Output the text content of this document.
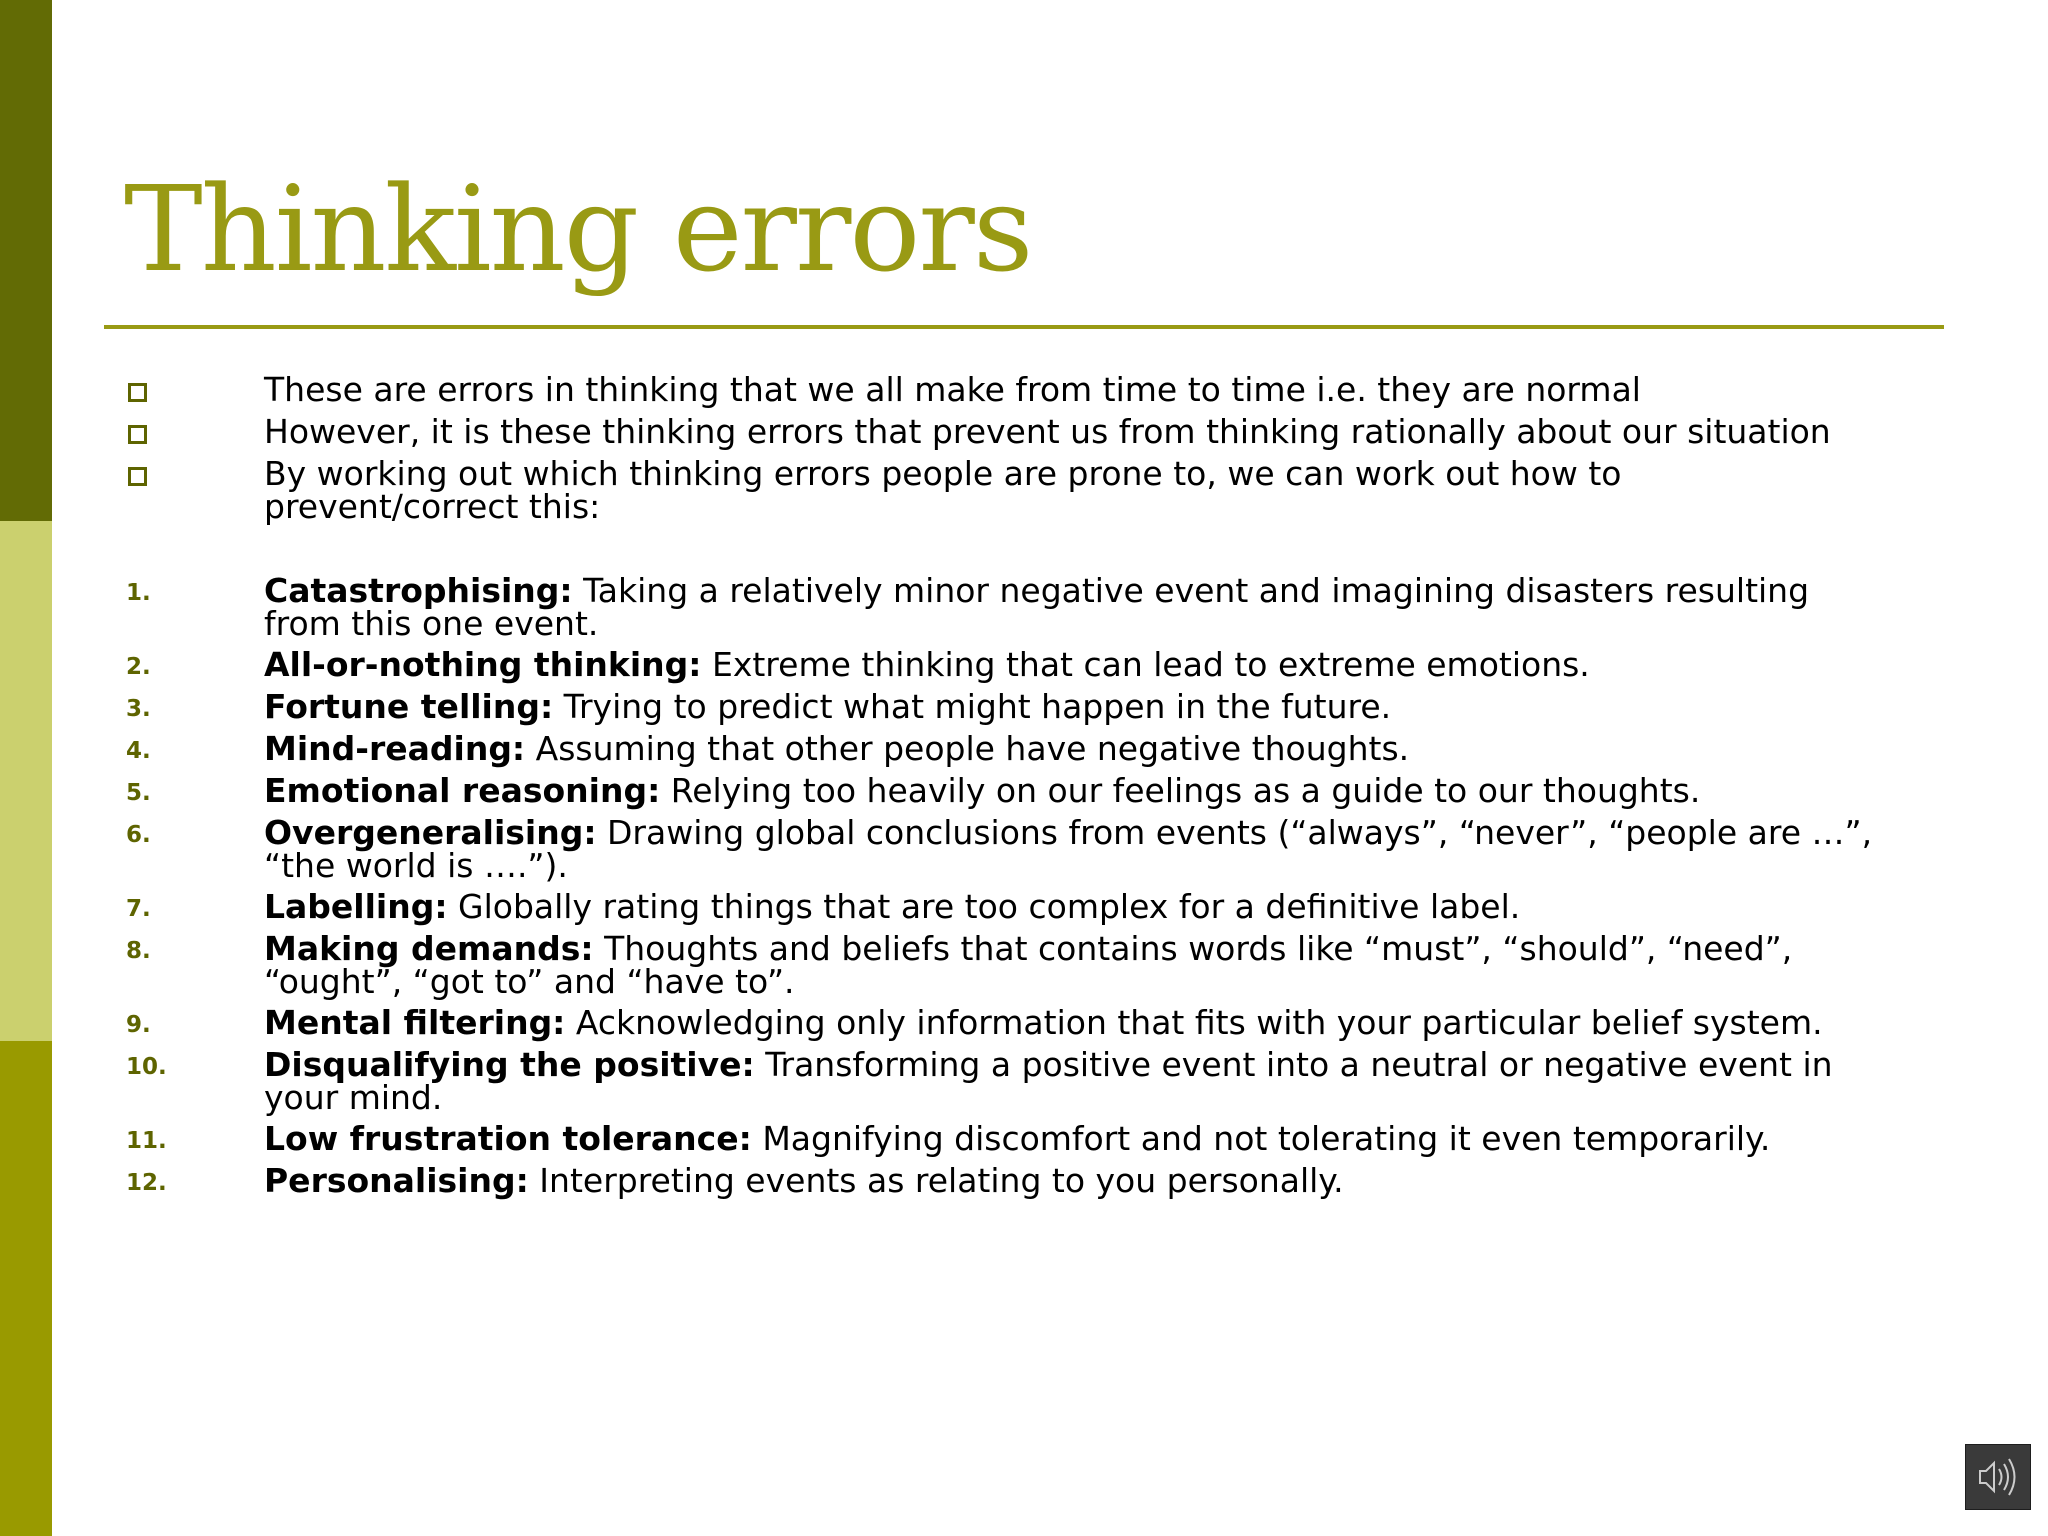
Thinking errors
These are errors in thinking that we all make from time to time i.e. they are normal
However, it is these thinking errors that prevent us from thinking rationally about our situation
By working out which thinking errors people are prone to, we can work out how to
prevent/correct this:
1.	Catastrophising: Taking a relatively minor negative event and imagining disasters resulting
from this one event.
2.	All-or-nothing thinking: Extreme thinking that can lead to extreme emotions.
3.	Fortune telling: Trying to predict what might happen in the future.
4.	Mind-reading: Assuming that other people have negative thoughts.
5.	Emotional reasoning: Relying too heavily on our feelings as a guide to our thoughts.
6.	Overgeneralising: Drawing global conclusions from events (“always”, “never”, “people are …”,
“the world is ….”).
7.	Labelling: Globally rating things that are too complex for a definitive label.
8.	Making demands: Thoughts and beliefs that contains words like “must”, “should”, “need”,
“ought”, “got to” and “have to”.
9.	Mental filtering: Acknowledging only information that fits with your particular belief system.
10.	Disqualifying the positive: Transforming a positive event into a neutral or negative event in
your mind.
11.	Low frustration tolerance: Magnifying discomfort and not tolerating it even temporarily.
12.	Personalising: Interpreting events as relating to you personally.
